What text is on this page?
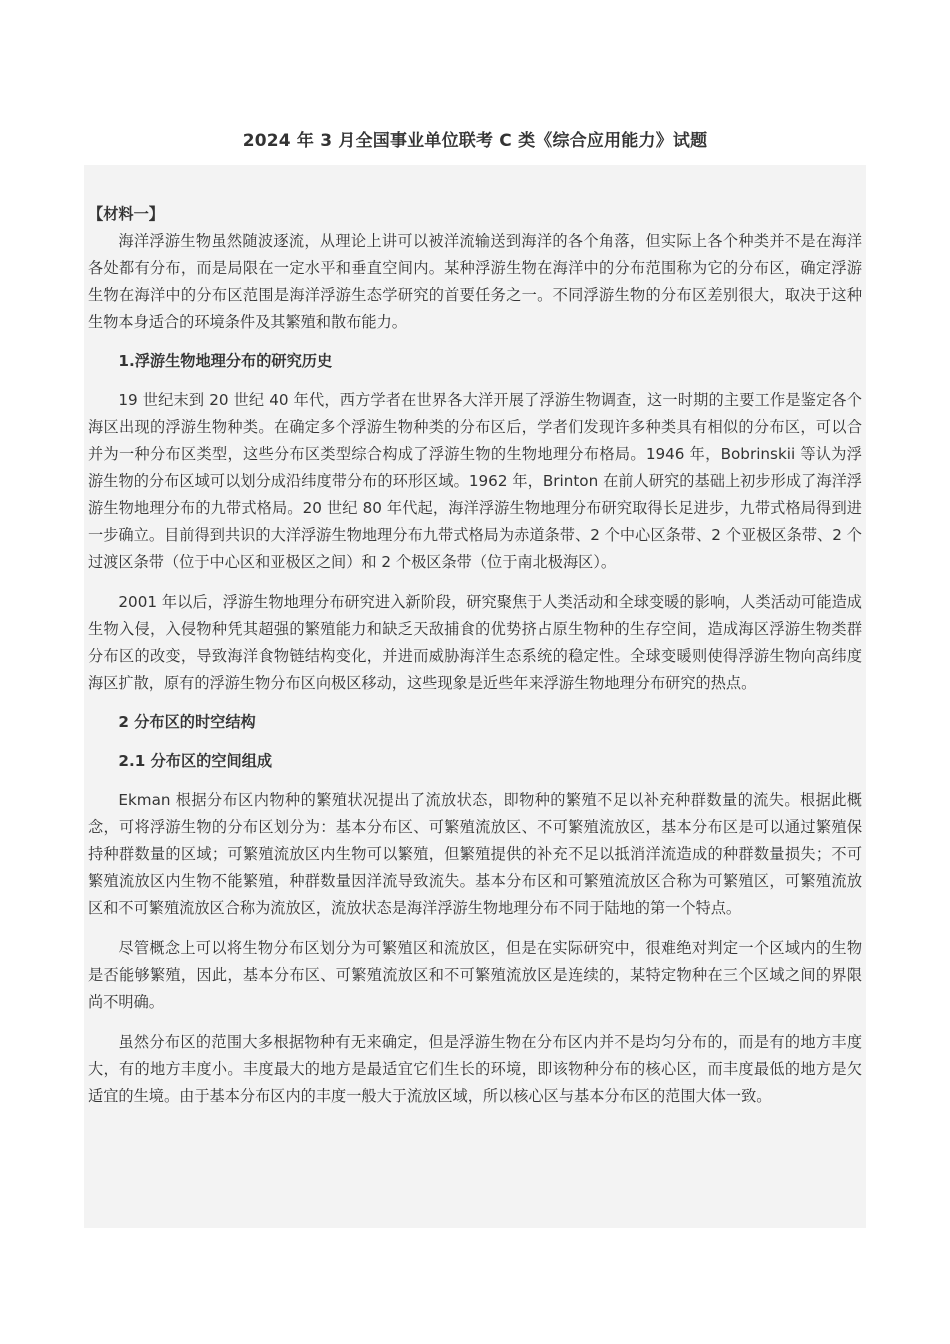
2024 年 3 月全国事业单位联考 C 类《综合应用能力》试题

【材料一】

海洋浮游生物虽然随波逐流，从理论上讲可以被洋流输送到海洋的各个角落，但实际上各个种类并不是在海洋各处都有分布，而是局限在一定水平和垂直空间内。某种浮游生物在海洋中的分布范围称为它的分布区，确定浮游生物在海洋中的分布区范围是海洋浮游生态学研究的首要任务之一。不同浮游生物的分布区差别很大，取决于这种生物本身适合的环境条件及其繁殖和散布能力。

1.浮游生物地理分布的研究历史

19 世纪末到 20 世纪 40 年代，西方学者在世界各大洋开展了浮游生物调查，这一时期的主要工作是鉴定各个海区出现的浮游生物种类。在确定多个浮游生物种类的分布区后，学者们发现许多种类具有相似的分布区，可以合并为一种分布区类型，这些分布区类型综合构成了浮游生物的生物地理分布格局。1946 年，Bobrinskii 等认为浮游生物的分布区域可以划分成沿纬度带分布的环形区域。1962 年，Brinton 在前人研究的基础上初步形成了海洋浮游生物地理分布的九带式格局。20 世纪 80 年代起，海洋浮游生物地理分布研究取得长足进步，九带式格局得到进一步确立。目前得到共识的大洋浮游生物地理分布九带式格局为赤道条带、2 个中心区条带、2 个亚极区条带、2 个过渡区条带（位于中心区和亚极区之间）和 2 个极区条带（位于南北极海区）。

2001 年以后，浮游生物地理分布研究进入新阶段，研究聚焦于人类活动和全球变暖的影响，人类活动可能造成生物入侵，入侵物种凭其超强的繁殖能力和缺乏天敌捕食的优势挤占原生物种的生存空间，造成海区浮游生物类群分布区的改变，导致海洋食物链结构变化，并进而威胁海洋生态系统的稳定性。全球变暖则使得浮游生物向高纬度海区扩散，原有的浮游生物分布区向极区移动，这些现象是近些年来浮游生物地理分布研究的热点。

2 分布区的时空结构

2.1 分布区的空间组成

Ekman 根据分布区内物种的繁殖状况提出了流放状态，即物种的繁殖不足以补充种群数量的流失。根据此概念，可将浮游生物的分布区划分为：基本分布区、可繁殖流放区、不可繁殖流放区，基本分布区是可以通过繁殖保持种群数量的区域；可繁殖流放区内生物可以繁殖，但繁殖提供的补充不足以抵消洋流造成的种群数量损失；不可繁殖流放区内生物不能繁殖，种群数量因洋流导致流失。基本分布区和可繁殖流放区合称为可繁殖区，可繁殖流放区和不可繁殖流放区合称为流放区，流放状态是海洋浮游生物地理分布不同于陆地的第一个特点。

尽管概念上可以将生物分布区划分为可繁殖区和流放区，但是在实际研究中，很难绝对判定一个区域内的生物是否能够繁殖，因此，基本分布区、可繁殖流放区和不可繁殖流放区是连续的，某特定物种在三个区域之间的界限尚不明确。

虽然分布区的范围大多根据物种有无来确定，但是浮游生物在分布区内并不是均匀分布的，而是有的地方丰度大，有的地方丰度小。丰度最大的地方是最适宜它们生长的环境，即该物种分布的核心区，而丰度最低的地方是欠适宜的生境。由于基本分布区内的丰度一般大于流放区域，所以核心区与基本分布区的范围大体一致。
